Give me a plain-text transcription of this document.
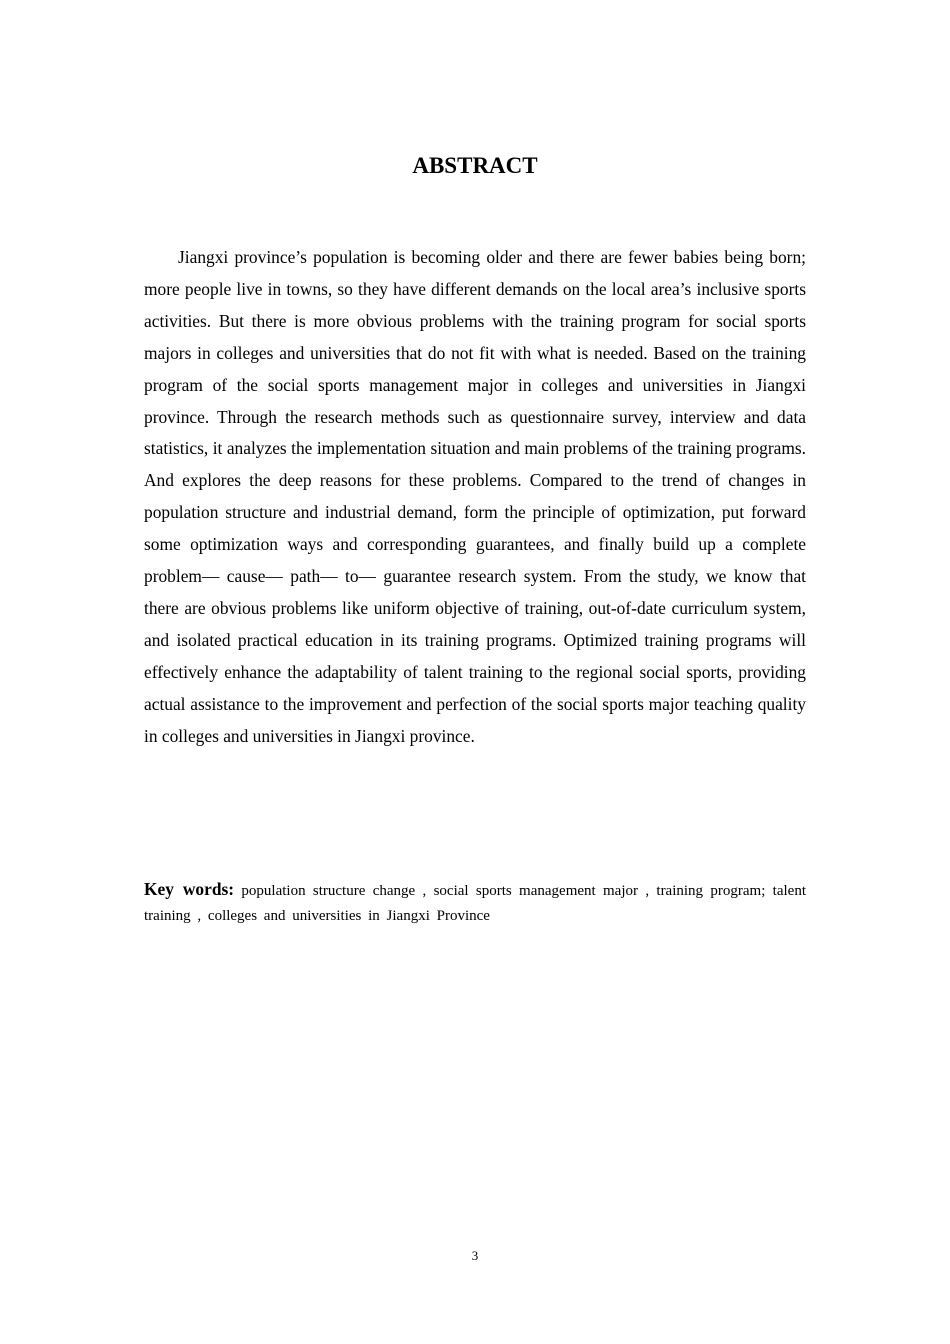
ABSTRACT

Jiangxi province’s population is becoming older and there are fewer babies being born; more people live in towns, so they have different demands on the local area’s inclusive sports activities. But there is more obvious problems with the training program for social sports majors in colleges and universities that do not fit with what is needed. Based on the training program of the social sports management major in colleges and universities in Jiangxi province. Through the research methods such as questionnaire survey, interview and data statistics, it analyzes the implementation situation and main problems of the training programs. And explores the deep reasons for these problems. Compared to the trend of changes in population structure and industrial demand, form the principle of optimization, put forward some optimization ways and corresponding guarantees, and finally build up a complete problem— cause— path— to— guarantee research system. From the study, we know that there are obvious problems like uniform objective of training, out-of-date curriculum system, and isolated practical education in its training programs. Optimized training programs will effectively enhance the adaptability of talent training to the regional social sports, providing actual assistance to the improvement and perfection of the social sports major teaching quality in colleges and universities in Jiangxi province.

Key words: population structure change , social sports management major , training program; talent training , colleges and universities in Jiangxi Province

3
